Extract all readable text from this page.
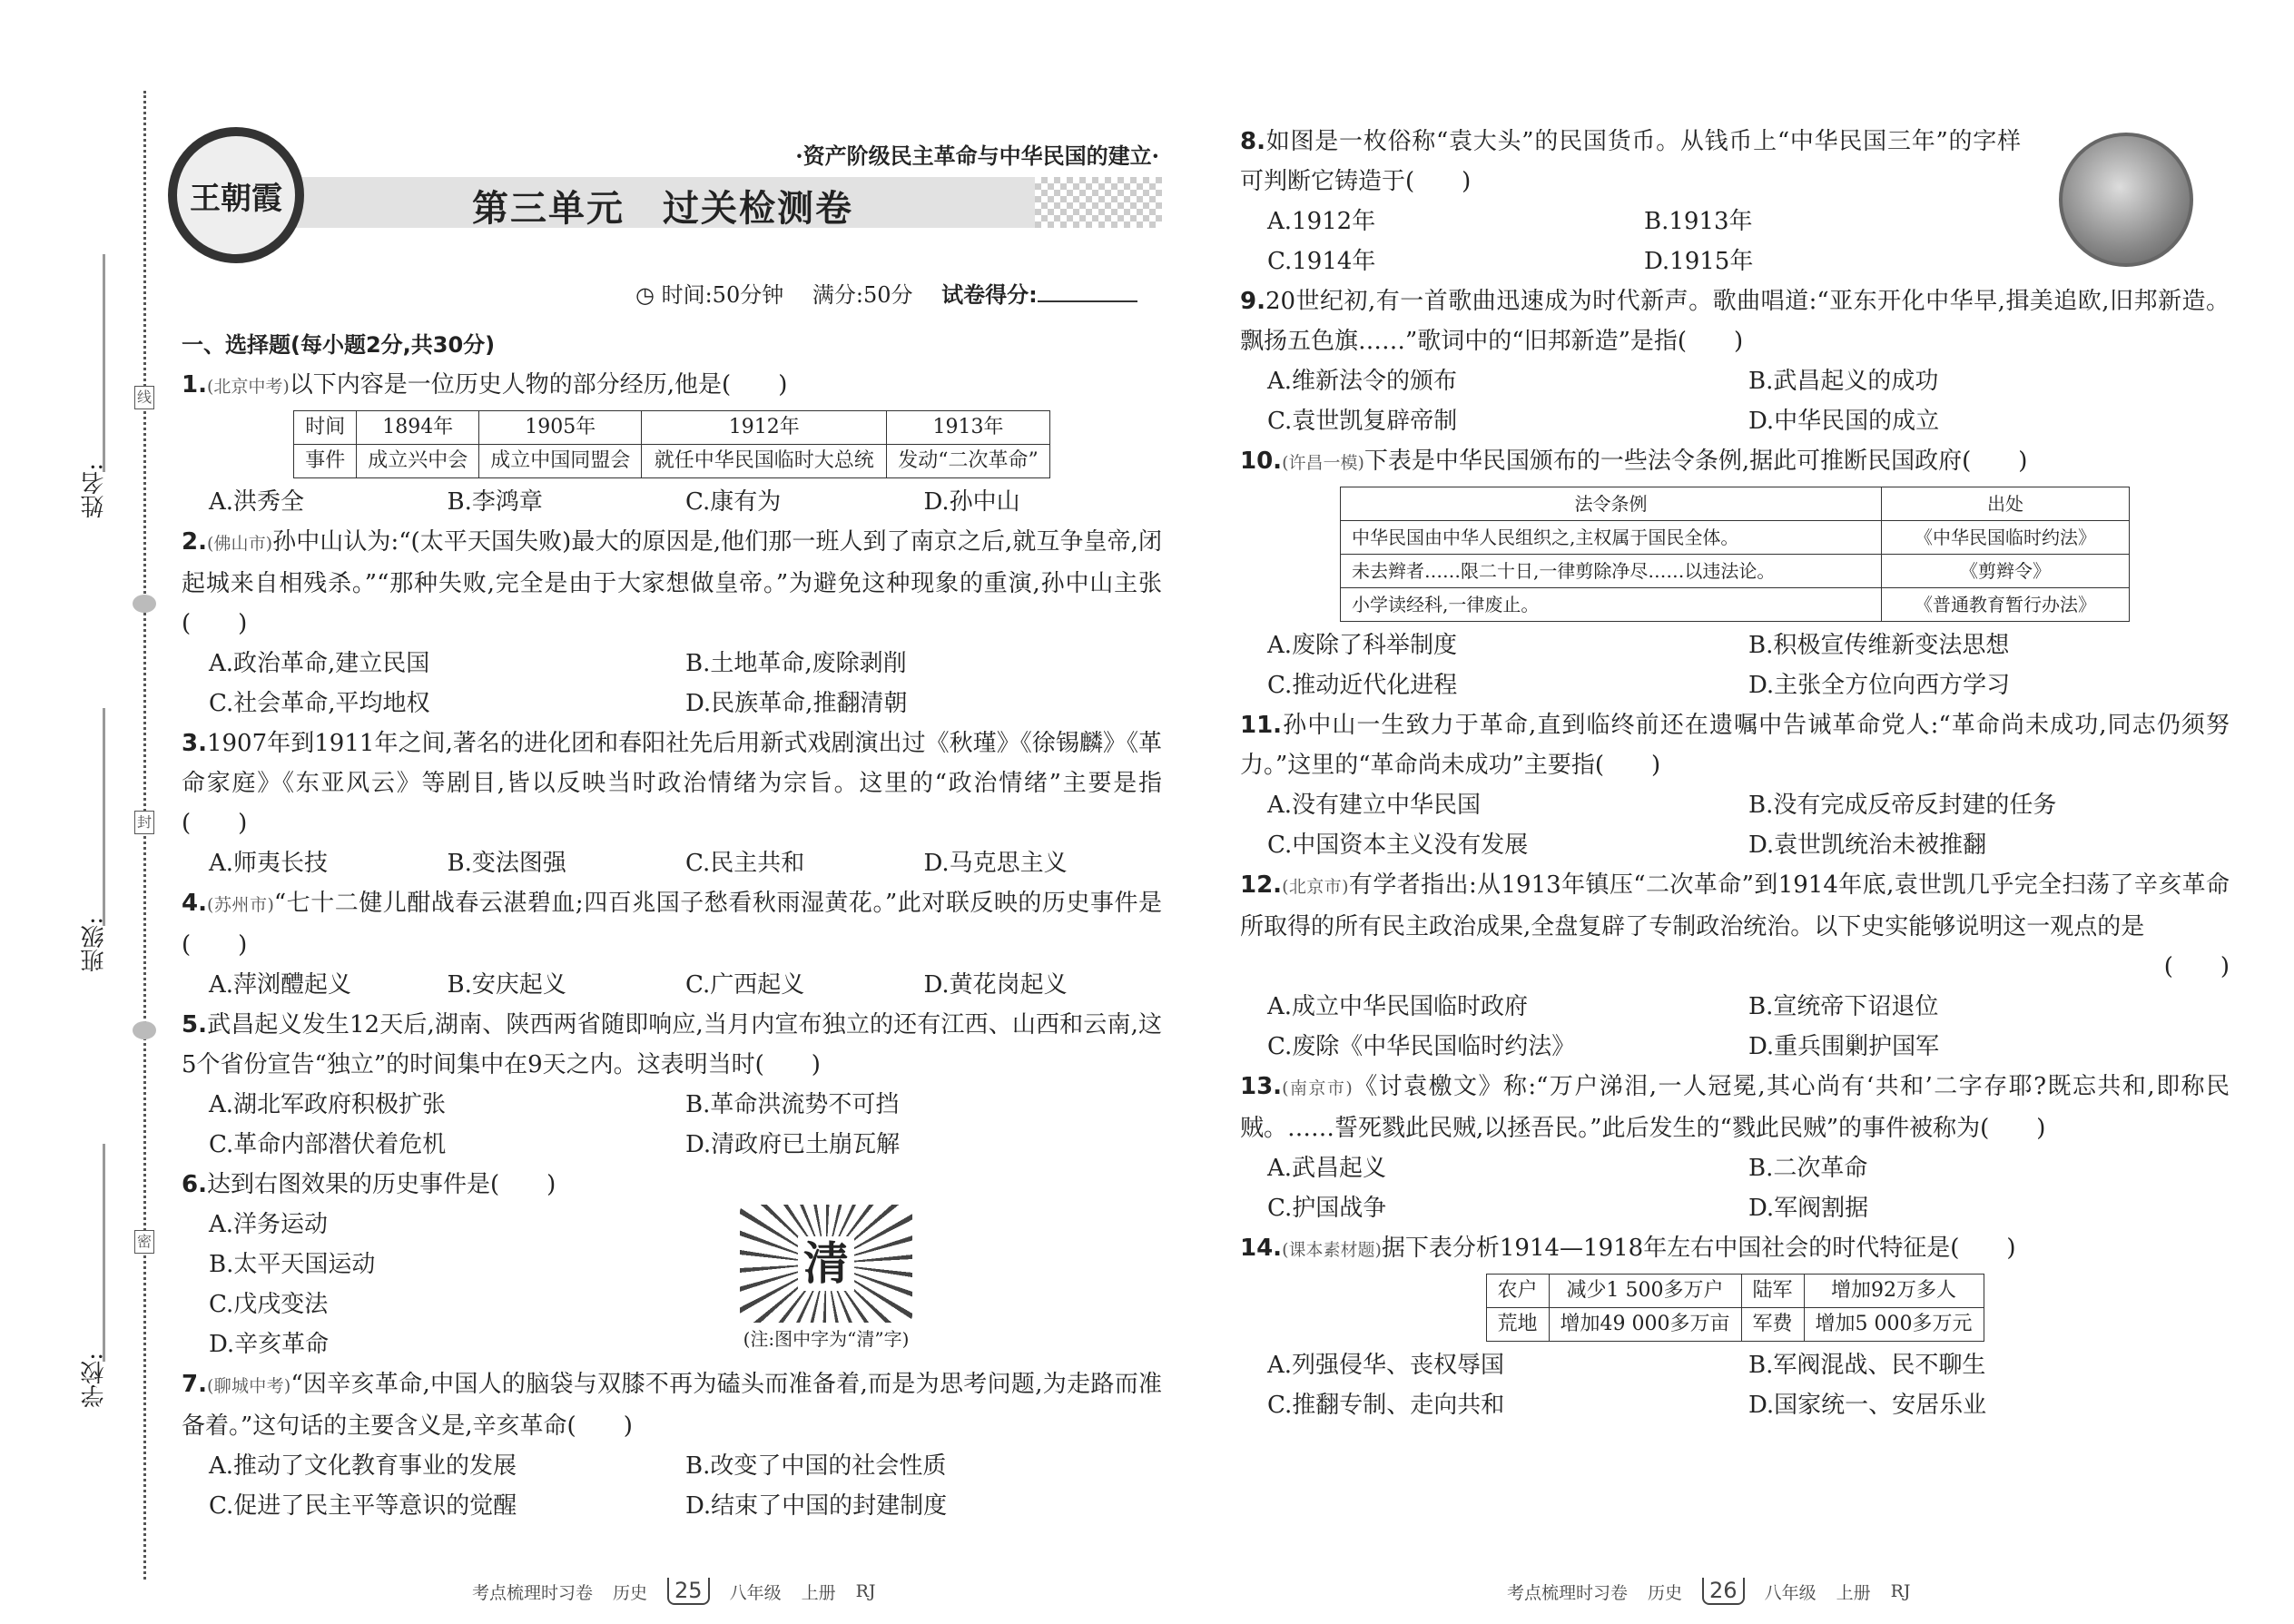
线
封
密
姓名:
班级:
学校:
王朝霞
·资产阶级民主革命与中华民国的建立·
第三单元　过关检测卷
◷ 时间:50分钟　 满分:50分　 试卷得分:
一、选择题(每小题2分,共30分)
1.(北京中考)以下内容是一位历史人物的部分经历,他是(　　)
时间	1894年	1905年	1912年	1913年
事件	成立兴中会	成立中国同盟会	就任中华民国临时大总统	发动“二次革命”
A.洪秀全	B.李鸿章	C.康有为	D.孙中山
2.(佛山市)孙中山认为:“(太平天国失败)最大的原因是,他们那一班人到了南京之后,就互争皇帝,闭起城来自相残杀。”“那种失败,完全是由于大家想做皇帝。”为避免这种现象的重演,孙中山主张(　　)
A.政治革命,建立民国	B.土地革命,废除剥削
C.社会革命,平均地权	D.民族革命,推翻清朝
3.1907年到1911年之间,著名的进化团和春阳社先后用新式戏剧演出过《秋瑾》《徐锡麟》《革命家庭》《东亚风云》等剧目,皆以反映当时政治情绪为宗旨。这里的“政治情绪”主要是指(　　)
A.师夷长技	B.变法图强	C.民主共和	D.马克思主义
4.(苏州市)“七十二健儿酣战春云湛碧血;四百兆国子愁看秋雨湿黄花。”此对联反映的历史事件是(　　)
A.萍浏醴起义	B.安庆起义	C.广西起义	D.黄花岗起义
5.武昌起义发生12天后,湖南、陕西两省随即响应,当月内宣布独立的还有江西、山西和云南,这5个省份宣告“独立”的时间集中在9天之内。这表明当时(　　)
A.湖北军政府积极扩张	B.革命洪流势不可挡
C.革命内部潜伏着危机	D.清政府已土崩瓦解
6.达到右图效果的历史事件是(　　)
A.洋务运动
B.太平天国运动
C.戊戌变法
D.辛亥革命
清
(注:图中字为“清”字)
7.(聊城中考)“因辛亥革命,中国人的脑袋与双膝不再为磕头而准备着,而是为思考问题,为走路而准备着。”这句话的主要含义是,辛亥革命(　　)
A.推动了文化教育事业的发展	B.改变了中国的社会性质
C.促进了民主平等意识的觉醒	D.结束了中国的封建制度
8.如图是一枚俗称“袁大头”的民国货币。从钱币上“中华民国三年”的字样可判断它铸造于(　　)
A.1912年	B.1913年
C.1914年	D.1915年
9.20世纪初,有一首歌曲迅速成为时代新声。歌曲唱道:“亚东开化中华早,揖美追欧,旧邦新造。飘扬五色旗……”歌词中的“旧邦新造”是指(　　)
A.维新法令的颁布	B.武昌起义的成功
C.袁世凯复辟帝制	D.中华民国的成立
10.(许昌一模)下表是中华民国颁布的一些法令条例,据此可推断民国政府(　　)
法令条例	出处
中华民国由中华人民组织之,主权属于国民全体。	《中华民国临时约法》
未去辫者……限二十日,一律剪除净尽……以违法论。	《剪辫令》
小学读经科,一律废止。	《普通教育暂行办法》
A.废除了科举制度	B.积极宣传维新变法思想
C.推动近代化进程	D.主张全方位向西方学习
11.孙中山一生致力于革命,直到临终前还在遗嘱中告诫革命党人:“革命尚未成功,同志仍须努力。”这里的“革命尚未成功”主要指(　　)
A.没有建立中华民国	B.没有完成反帝反封建的任务
C.中国资本主义没有发展	D.袁世凯统治未被推翻
12.(北京市)有学者指出:从1913年镇压“二次革命”到1914年底,袁世凯几乎完全扫荡了辛亥革命所取得的所有民主政治成果,全盘复辟了专制政治统治。以下史实能够说明这一观点的是
(　　)
A.成立中华民国临时政府	B.宣统帝下诏退位
C.废除《中华民国临时约法》	D.重兵围剿护国军
13.(南京市)《讨袁檄文》称:“万户涕泪,一人冠冕,其心尚有‘共和’二字存耶?既忘共和,即称民贼。……誓死戮此民贼,以拯吾民。”此后发生的“戮此民贼”的事件被称为(　　)
A.武昌起义	B.二次革命
C.护国战争	D.军阀割据
14.(课本素材题)据下表分析1914—1918年左右中国社会的时代特征是(　　)
农户	减少1 500多万户	陆军	增加92万多人
荒地	增加49 000多万亩	军费	增加5 000多万元
A.列强侵华、丧权辱国	B.军阀混战、民不聊生
C.推翻专制、走向共和	D.国家统一、安居乐业
考点梳理时习卷 历史	25	八年级 上册 RJ	考点梳理时习卷 历史	26	八年级 上册 RJ
